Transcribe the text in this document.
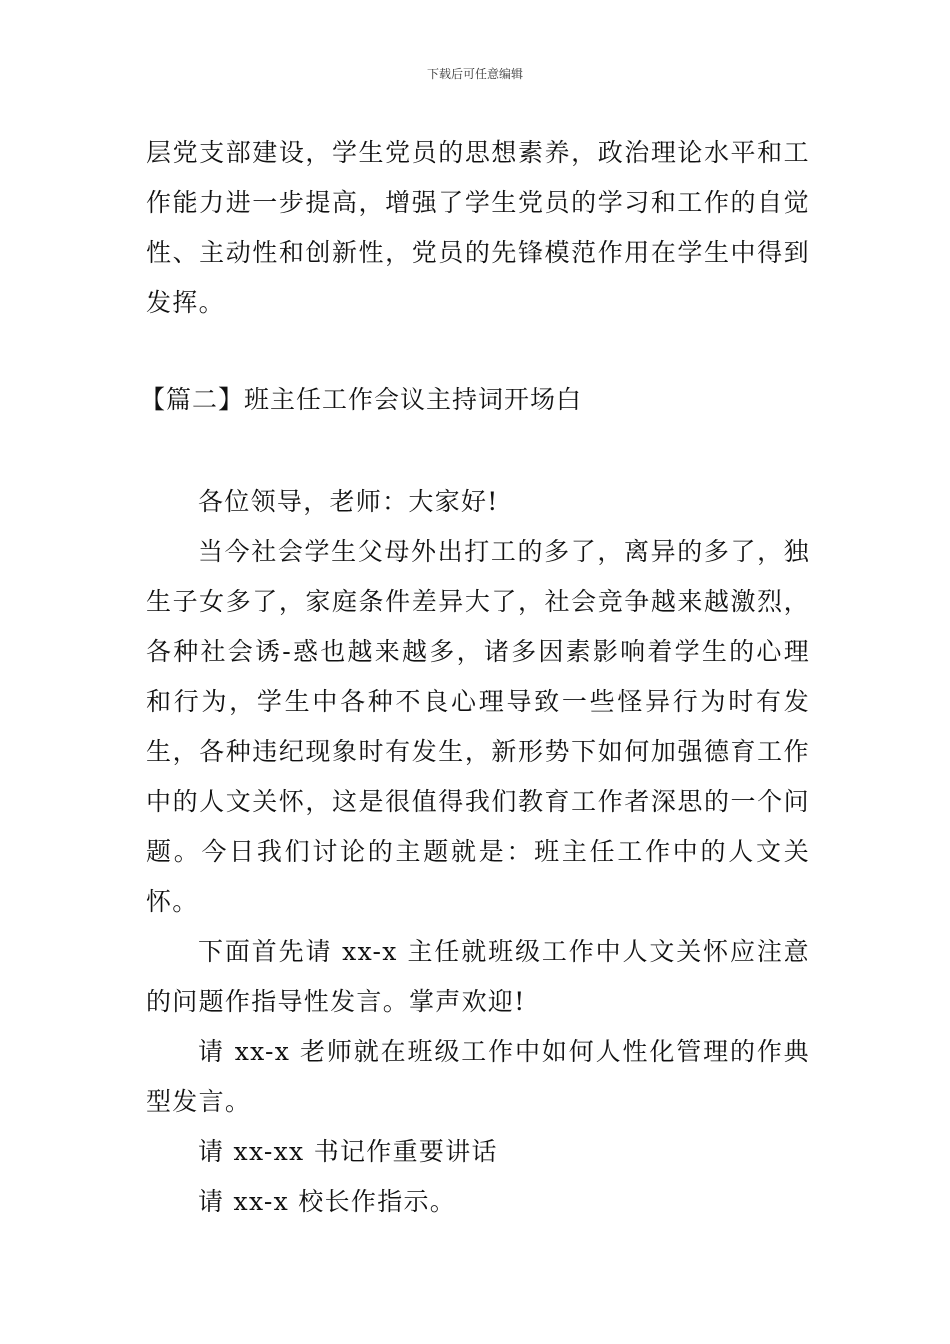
下载后可任意编辑

层党支部建设，学生党员的思想素养，政治理论水平和工作能力进一步提高，增强了学生党员的学习和工作的自觉性、主动性和创新性，党员的先锋模范作用在学生中得到发挥。

【篇二】班主任工作会议主持词开场白

各位领导，老师：大家好!

当今社会学生父母外出打工的多了，离异的多了，独生子女多了，家庭条件差异大了，社会竞争越来越激烈，各种社会诱-惑也越来越多，诸多因素影响着学生的心理和行为，学生中各种不良心理导致一些怪异行为时有发生，各种违纪现象时有发生，新形势下如何加强德育工作中的人文关怀，这是很值得我们教育工作者深思的一个问题。今日我们讨论的主题就是：班主任工作中的人文关怀。

下面首先请 xx-x 主任就班级工作中人文关怀应注意的问题作指导性发言。掌声欢迎!

请 xx-x 老师就在班级工作中如何人性化管理的作典型发言。

请 xx-xx 书记作重要讲话

请 xx-x 校长作指示。
